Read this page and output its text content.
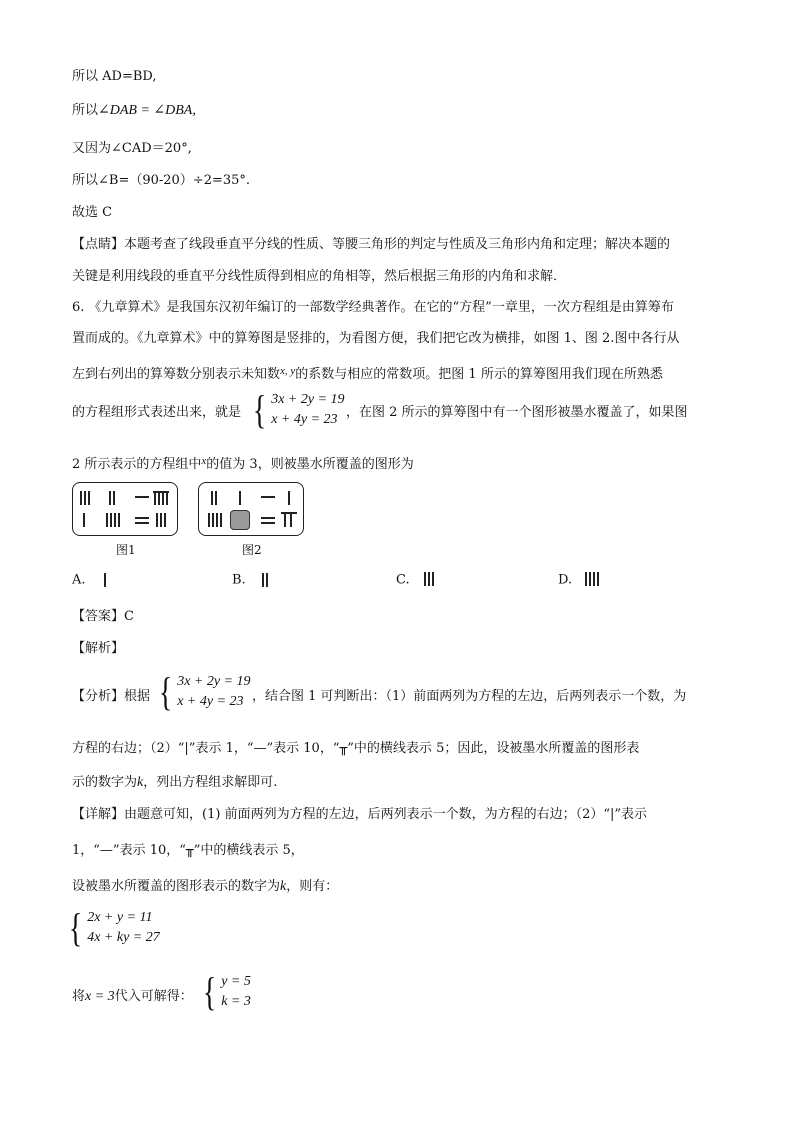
所以 AD=BD,
所以∠DAB = ∠DBA,
又因为∠CAD＝20°,
所以∠B=（90-20）÷2=35°.
故选 C
【点睛】本题考查了线段垂直平分线的性质、等腰三角形的判定与性质及三角形内角和定理；解决本题的
关键是利用线段的垂直平分线性质得到相应的角相等，然后根据三角形的内角和求解．
6. 《九章算术》是我国东汉初年编订的一部数学经典著作。在它的“方程”一章里，一次方程组是由算筹布
置而成的。《九章算术》中的算筹图是竖排的，为看图方便，我们把它改为横排，如图 1、图 2.图中各行从
左到右列出的算筹数分别表示未知数$^{x, y}$的系数与相应的常数项。把图 1 所示的算筹图用我们现在所熟悉
的方程组形式表述出来，就是 { 3x + 2y = 19
x + 4y = 23 ，在图 2 所示的算筹图中有一个图形被墨水覆盖了，如果图
2 所示表示的方程组中$^x$的值为 3，则被墨水所覆盖的图形为
图1	图2
A.	B.	C.	D.
【答案】C
【解析】
【分析】根据 { 3x + 2y = 19
x + 4y = 23 ，结合图 1 可判断出：（1）前面两列为方程的左边，后两列表示一个数，为
方程的右边；（2）“|”表示 1，“—”表示 10，“╥”中的横线表示 5；因此，设被墨水所覆盖的图形表
示的数字为k，列出方程组求解即可.
【详解】由题意可知，(1) 前面两列为方程的左边，后两列表示一个数，为方程的右边；（2）“|”表示
1，“—”表示 10，“╥”中的横线表示 5，
设被墨水所覆盖的图形表示的数字为k，则有：
{ 2x + y = 11
4x + ky = 27
将x = 3代入可解得： { y = 5
k = 3
